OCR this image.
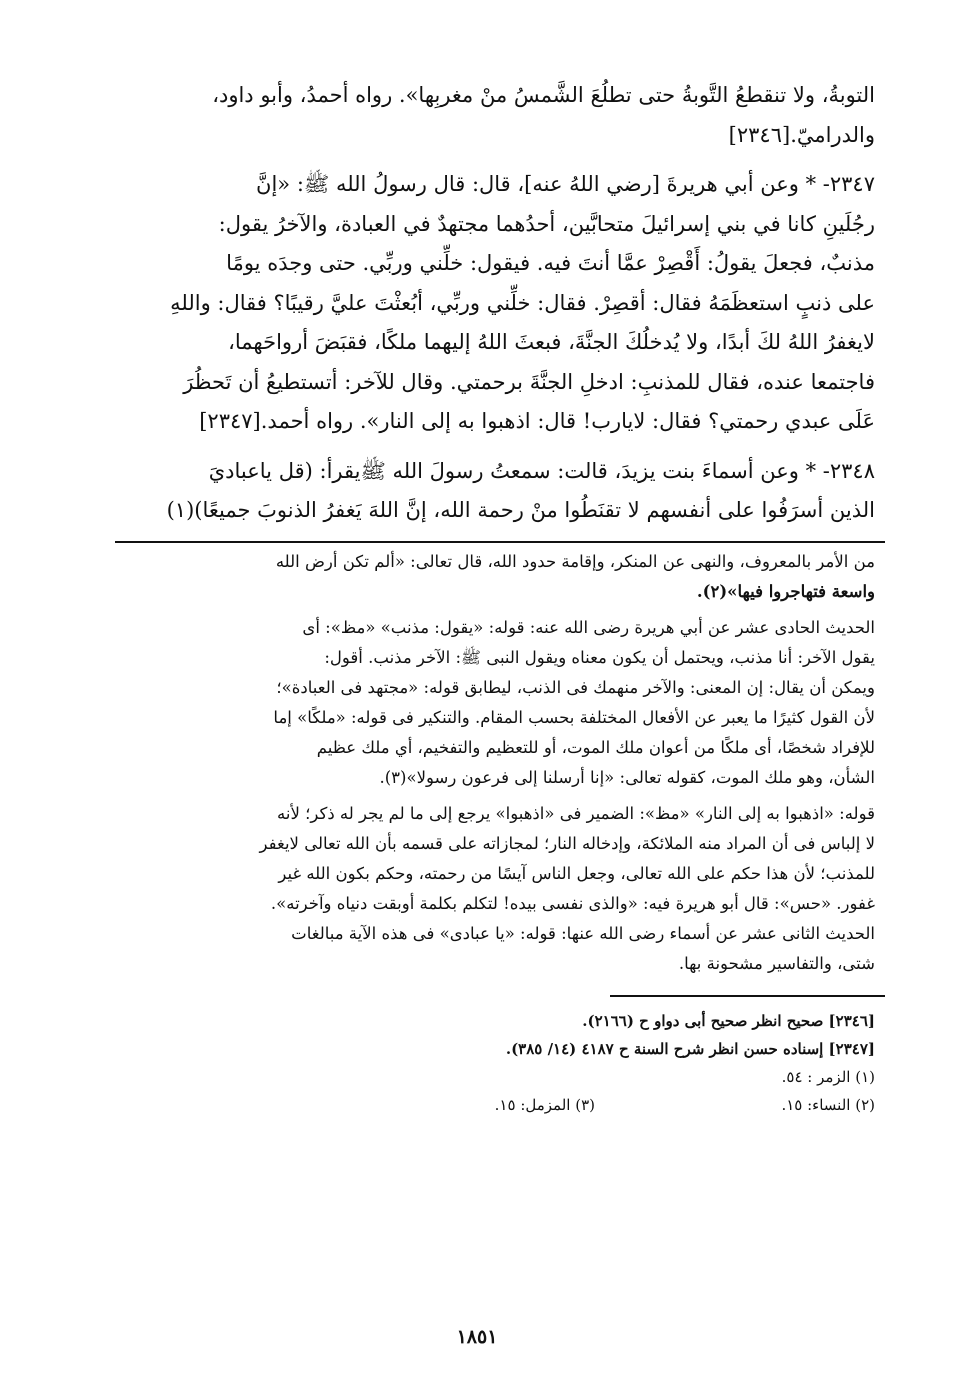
التوبةُ، ولا تنقطعُ التَّوبةُ حتى تطلُعَ الشَّمسُ منْ مغربِها». رواه أحمدُ، وأبو داود،
والدراميّ.[٢٣٤٦]

٢٣٤٧- * وعن أبي هريرةَ [رضي اللهُ عنه]، قال: قال رسولُ الله ﷺ: «إنَّ
رجُلَينِ كانا في بني إسرائيلَ متحابَّين، أحدُهما مجتهدٌ في العبادة، والآخرُ يقول:
مذنبٌ، فجعلَ يقولُ: أَقْصِرْ عمَّا أنتَ فيه. فيقول: خلِّني وربِّي. حتى وجدَه يومًا
على ذنبٍ استعظَمَهُ فقال: أقصِرْ. فقال: خلِّني وربِّي، أبُعثْتَ عليَّ رقيبًا؟ فقال: واللهِ
لايغفرُ اللهُ لكَ أبدًا، ولا يُدخلُكَ الجنَّةَ، فبعثَ اللهُ إليهما ملكًا، فقبَضَ أرواحَهما،
فاجتمعا عنده، فقال للمذنبِ: ادخلِ الجنَّةَ برحمتي. وقال للآخر: أتستطيعُ أن تَحظُرَ
عَلَى عبدي رحمتي؟ فقال: لايارب! قال: اذهبوا به إلى النار». رواه أحمد.[٢٣٤٧]

٢٣٤٨- * وعن أسماءَ بنت يزيدَ، قالت: سمعتُ رسولَ الله ﷺيقرأ: (قل ياعباديَ
الذين أسرَفُوا على أنفسهم لا تقنَطُوا منْ رحمة الله، إنَّ اللهَ يَغفرُ الذنوبَ جميعًا)(١)

من الأمر بالمعروف، والنهى عن المنكر، وإقامة حدود الله، قال تعالى: «ألم تكن أرض الله
واسعة فتهاجروا فيها»(٢).

الحديث الحادى عشر عن أبي هريرة رضى الله عنه: قوله: «يقول: مذنب» «مظ»: أى
يقول الآخر: أنا مذنب، ويحتمل أن يكون معناه ويقول النبى ﷺ: الآخر مذنب. أقول:
ويمكن أن يقال: إن المعنى: والآخر منهمك فى الذنب، ليطابق قوله: «مجتهد فى العبادة»؛
لأن القول كثيرًا ما يعبر عن الأفعال المختلفة بحسب المقام. والتنكير فى قوله: «ملكًا» إما
للإفراد شخصًا، أى ملكًا من أعوان ملك الموت، أو للتعظيم والتفخيم، أي ملك عظيم
الشأن، وهو ملك الموت، كقوله تعالى: «إنا أرسلنا إلى فرعون رسولا»(٣).

قوله: «اذهبوا به إلى النار» «مظ»: الضمير فى «اذهبوا» يرجع إلى ما لم يجر له ذكر؛ لأنه
لا إلباس فى أن المراد منه الملائكة، وإدخاله النار؛ لمجازاته على قسمه بأن الله تعالى لايغفر
للمذنب؛ لأن هذا حكم على الله تعالى، وجعل الناس آيسًا من رحمته، وحكم بكون الله غير
غفور. «حس»: قال أبو هريرة فيه: «والذى نفسى بيده! لتكلم بكلمة أوبقت دنياه وآخرته».

الحديث الثانى عشر عن أسماء رضى الله عنها: قوله: «يا عبادى» فى هذه الآية مبالغات
شتى، والتفاسير مشحونة بها.

[٢٣٤٦] صحيح انظر صحيح أبى دواو ح (٢١٦٦).
[٢٣٤٧] إسناده حسن انظر شرح السنة ح ٤١٨٧ (١٤/ ٣٨٥).
(١) الزمر : ٥٤.
(٢) النساء: ١٥.
(٣) المزمل: ١٥.
١٨٥١
